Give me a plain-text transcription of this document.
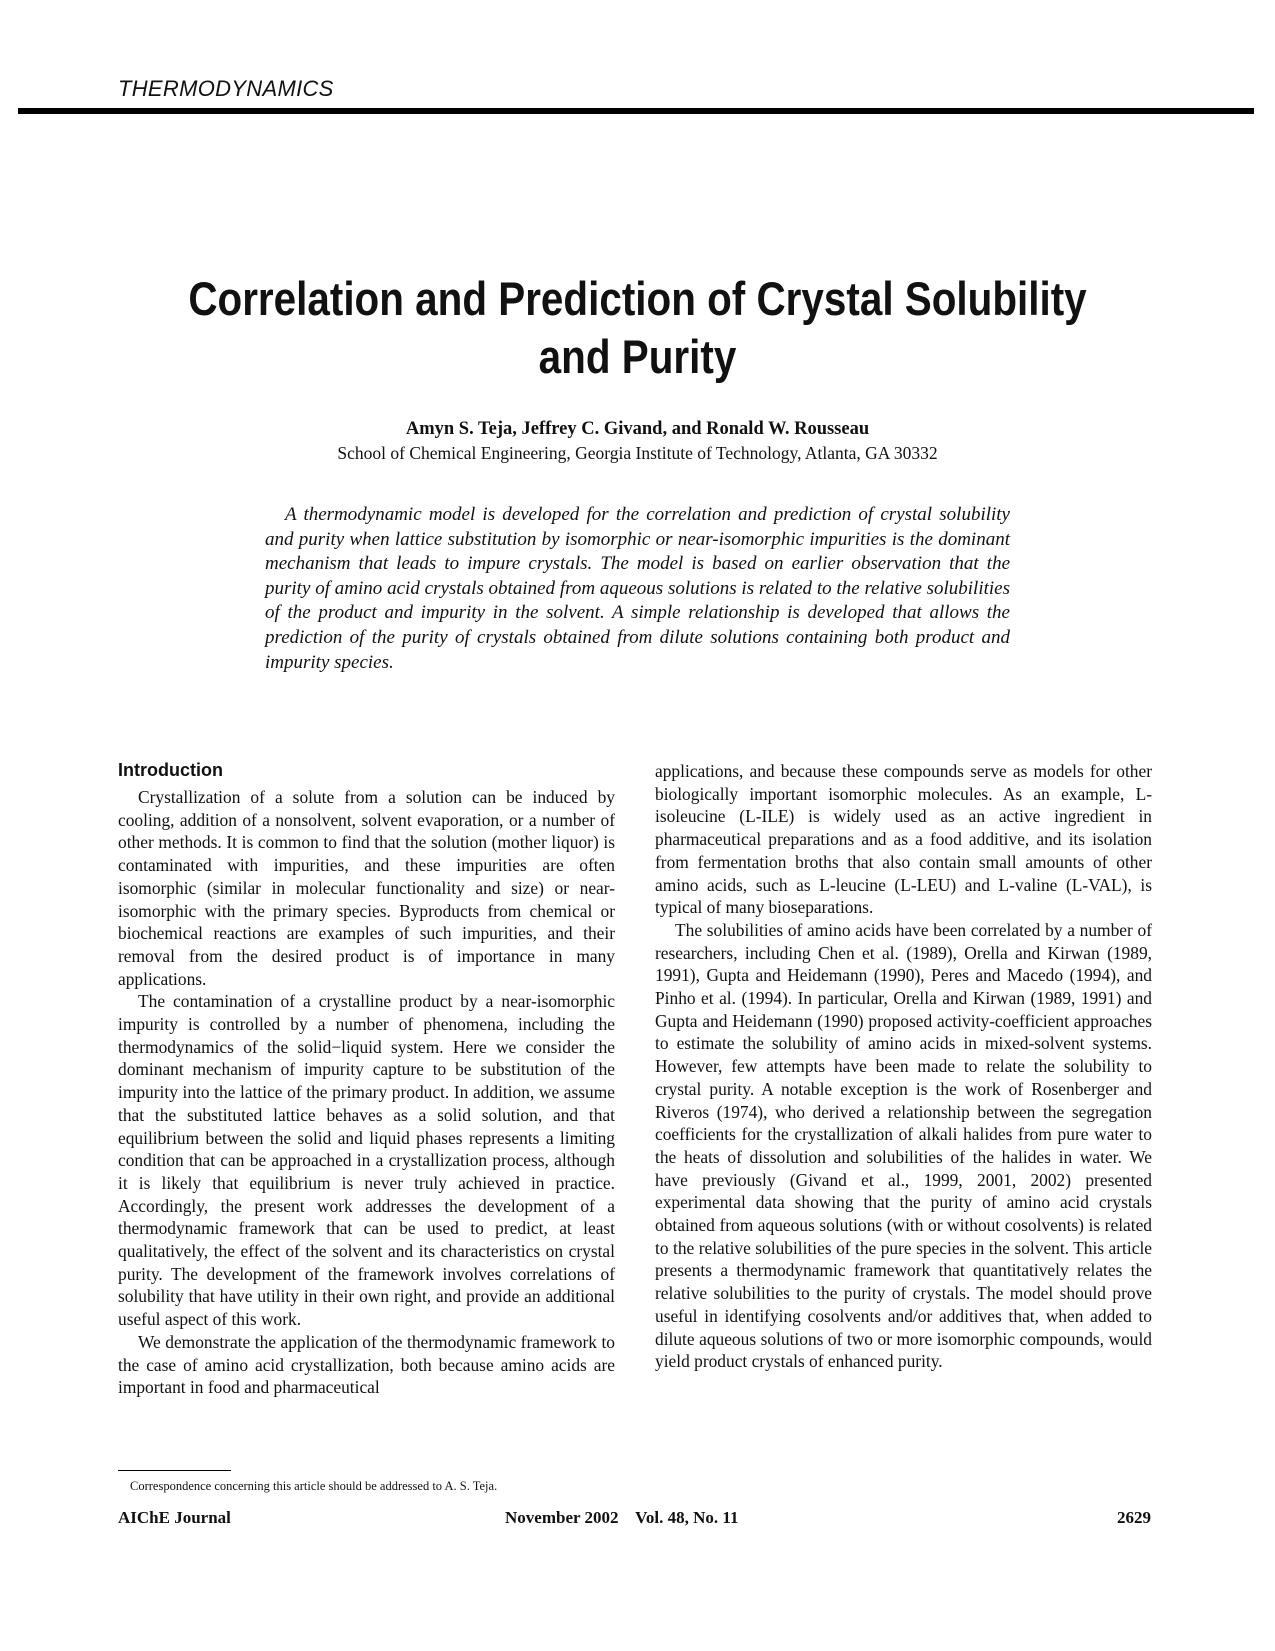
THERMODYNAMICS
Correlation and Prediction of Crystal Solubility and Purity
Amyn S. Teja, Jeffrey C. Givand, and Ronald W. Rousseau
School of Chemical Engineering, Georgia Institute of Technology, Atlanta, GA 30332

A thermodynamic model is developed for the correlation and prediction of crystal solubility and purity when lattice substitution by isomorphic or near-isomorphic impurities is the dominant mechanism that leads to impure crystals. The model is based on earlier observation that the purity of amino acid crystals obtained from aqueous solutions is related to the relative solubilities of the product and impurity in the solvent. A simple relationship is developed that allows the prediction of the purity of crystals obtained from dilute solutions containing both product and impurity species.

Introduction

Crystallization of a solute from a solution can be induced by cooling, addition of a nonsolvent, solvent evaporation, or a number of other methods. It is common to find that the solution (mother liquor) is contaminated with impurities, and these impurities are often isomorphic (similar in molecular functionality and size) or near-isomorphic with the primary species. Byproducts from chemical or biochemical reactions are examples of such impurities, and their removal from the desired product is of importance in many applications.

The contamination of a crystalline product by a near-isomorphic impurity is controlled by a number of phenomena, including the thermodynamics of the solid−liquid system. Here we consider the dominant mechanism of impurity capture to be substitution of the impurity into the lattice of the primary product. In addition, we assume that the substituted lattice behaves as a solid solution, and that equilibrium between the solid and liquid phases represents a limiting condition that can be approached in a crystallization process, although it is likely that equilibrium is never truly achieved in practice. Accordingly, the present work addresses the development of a thermodynamic framework that can be used to predict, at least qualitatively, the effect of the solvent and its characteristics on crystal purity. The development of the framework involves correlations of solubility that have utility in their own right, and provide an additional useful aspect of this work.

We demonstrate the application of the thermodynamic framework to the case of amino acid crystallization, both because amino acids are important in food and pharmaceutical

applications, and because these compounds serve as models for other biologically important isomorphic molecules. As an example, L-isoleucine (L-ILE) is widely used as an active ingredient in pharmaceutical preparations and as a food additive, and its isolation from fermentation broths that also contain small amounts of other amino acids, such as L-leucine (L-LEU) and L-valine (L-VAL), is typical of many bioseparations.

The solubilities of amino acids have been correlated by a number of researchers, including Chen et al. (1989), Orella and Kirwan (1989, 1991), Gupta and Heidemann (1990), Peres and Macedo (1994), and Pinho et al. (1994). In particular, Orella and Kirwan (1989, 1991) and Gupta and Heidemann (1990) proposed activity-coefficient approaches to estimate the solubility of amino acids in mixed-solvent systems. However, few attempts have been made to relate the solubility to crystal purity. A notable exception is the work of Rosenberger and Riveros (1974), who derived a relationship between the segregation coefficients for the crystallization of alkali halides from pure water to the heats of dissolution and solubilities of the halides in water. We have previously (Givand et al., 1999, 2001, 2002) presented experimental data showing that the purity of amino acid crystals obtained from aqueous solutions (with or without cosolvents) is related to the relative solubilities of the pure species in the solvent. This article presents a thermodynamic framework that quantitatively relates the relative solubilities to the purity of crystals. The model should prove useful in identifying cosolvents and/or additives that, when added to dilute aqueous solutions of two or more isomorphic compounds, would yield product crystals of enhanced purity.

Correspondence concerning this article should be addressed to A. S. Teja.
AIChE Journal	November 2002    Vol. 48, No. 11	2629
